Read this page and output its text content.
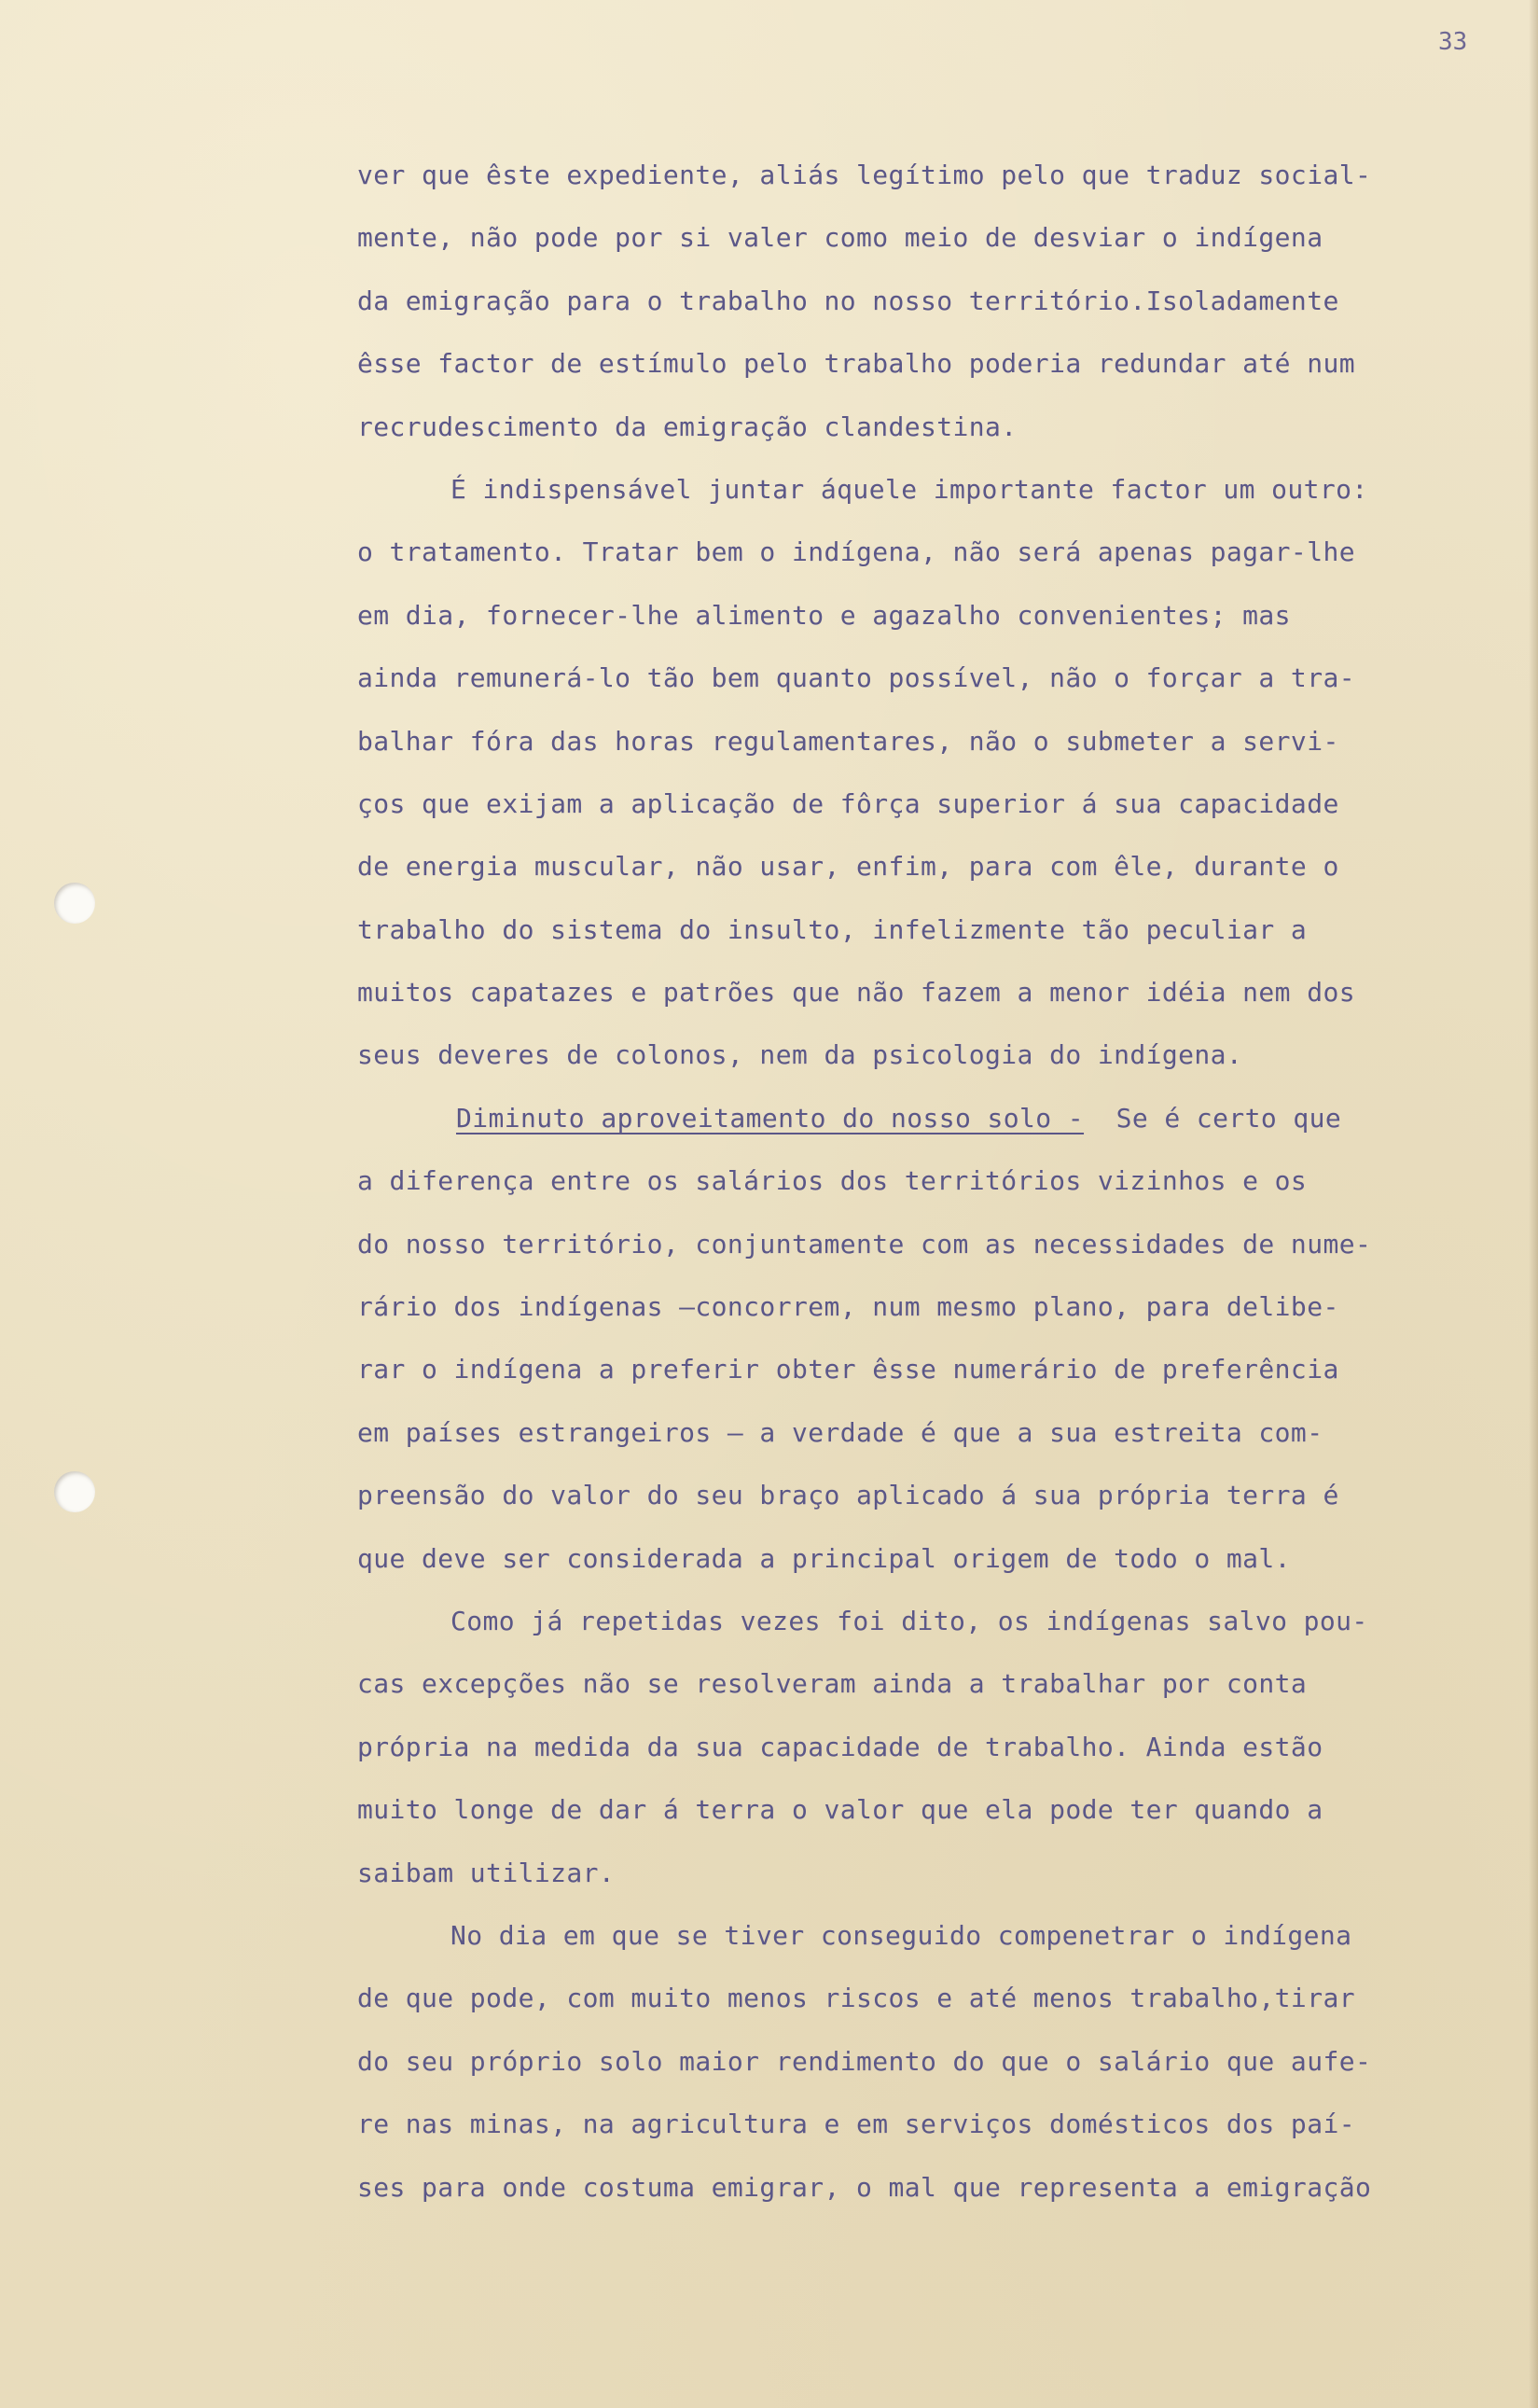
33
ver que êste expediente, aliás legítimo pelo que traduz social-
mente, não pode por si valer como meio de desviar o indígena
da emigração para o trabalho no nosso território.Isoladamente
êsse factor de estímulo pelo trabalho poderia redundar até num
recrudescimento da emigração clandestina.
É indispensável juntar áquele importante factor um outro:
o tratamento. Tratar bem o indígena, não será apenas pagar-lhe
em dia, fornecer-lhe alimento e agazalho convenientes; mas
ainda remunerá-lo tão bem quanto possível, não o forçar a tra-
balhar fóra das horas regulamentares, não o submeter a servi-
ços que exijam a aplicação de fôrça superior á sua capacidade
de energia muscular, não usar, enfim, para com êle, durante o
trabalho do sistema do insulto, infelizmente tão peculiar a
muitos capatazes e patrões que não fazem a menor idéia nem dos
seus deveres de colonos, nem da psicologia do indígena.
Diminuto aproveitamento do nosso solo - Se é certo que
a diferença entre os salários dos territórios vizinhos e os
do nosso território, conjuntamente com as necessidades de nume-
rário dos indígenas —concorrem, num mesmo plano, para delibe-
rar o indígena a preferir obter êsse numerário de preferência
em países estrangeiros — a verdade é que a sua estreita com-
preensão do valor do seu braço aplicado á sua própria terra é
que deve ser considerada a principal origem de todo o mal.
Como já repetidas vezes foi dito, os indígenas salvo pou-
cas excepções não se resolveram ainda a trabalhar por conta
própria na medida da sua capacidade de trabalho. Ainda estão
muito longe de dar á terra o valor que ela pode ter quando a
saibam utilizar.
No dia em que se tiver conseguido compenetrar o indígena
de que pode, com muito menos riscos e até menos trabalho,tirar
do seu próprio solo maior rendimento do que o salário que aufe-
re nas minas, na agricultura e em serviços domésticos dos paí-
ses para onde costuma emigrar, o mal que representa a emigração
